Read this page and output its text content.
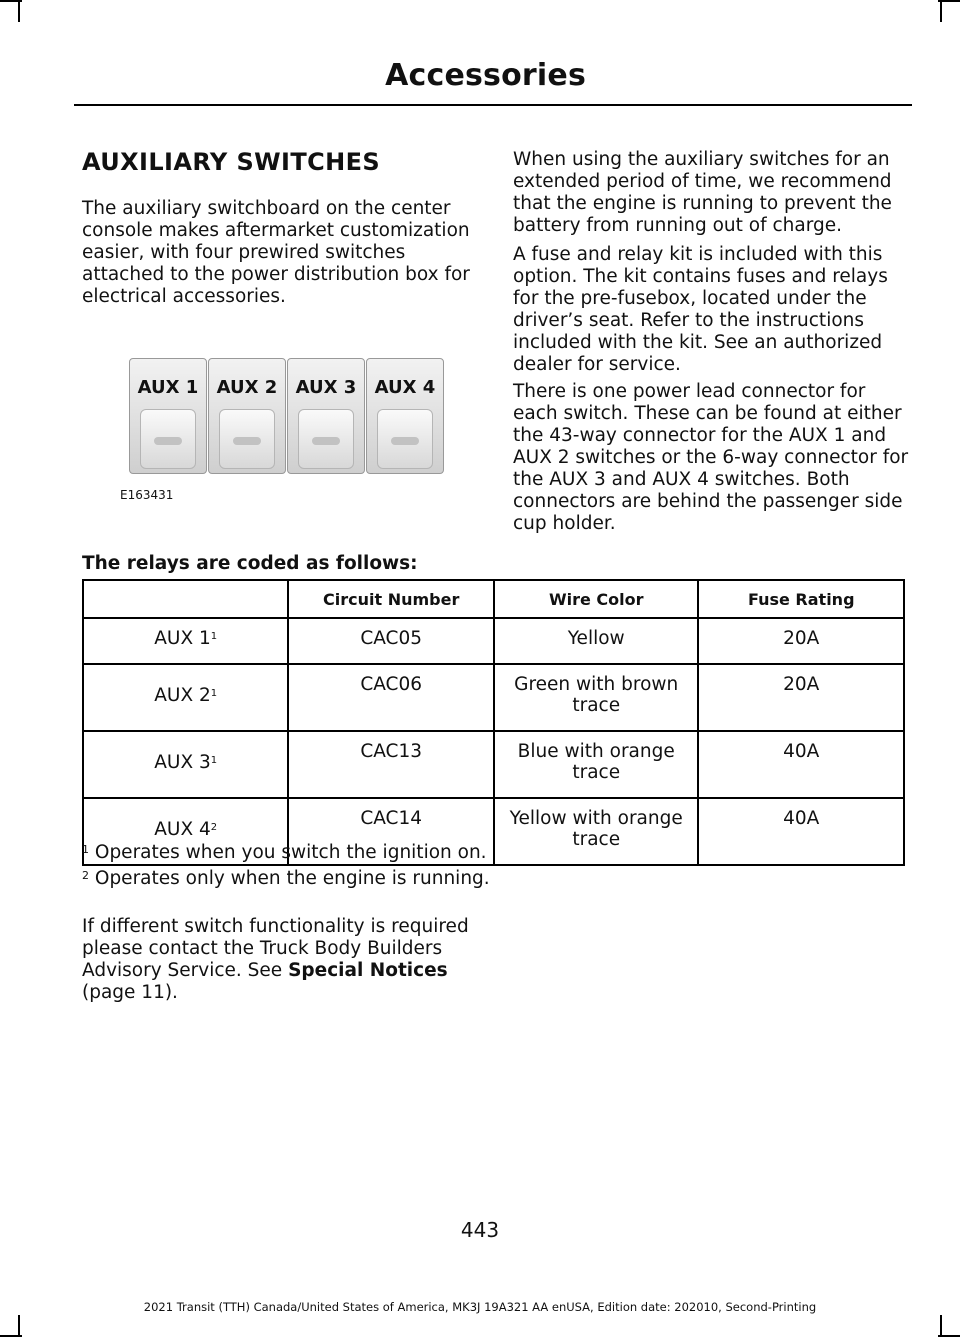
Accessories
AUXILIARY SWITCHES
The auxiliary switchboard on the center console makes aftermarket customization easier, with four prewired switches attached to the power distribution box for electrical accessories.
AUX 1	AUX 2	AUX 3	AUX 4
E163431
When using the auxiliary switches for an extended period of time, we recommend that the engine is running to prevent the battery from running out of charge.
A fuse and relay kit is included with this option. The kit contains fuses and relays for the pre-fusebox, located under the driver’s seat. Refer to the instructions included with the kit. See an authorized dealer for service.
There is one power lead connector for each switch. These can be found at either the 43-way connector for the AUX 1 and AUX 2 switches or the 6-way connector for the AUX 3 and AUX 4 switches. Both connectors are behind the passenger side cup holder.
The relays are coded as follows:
	Circuit Number	Wire Color	Fuse Rating
AUX $1^1$	CAC05	Yellow	20A
AUX $2^1$	CAC06	Green with brown trace	20A
AUX $3^1$	CAC13	Blue with orange trace	40A
AUX $4^2$	CAC14	Yellow with orange trace	40A
$^1$ Operates when you switch the ignition on.
$^2$ Operates only when the engine is running.
If different switch functionality is required please contact the Truck Body Builders Advisory Service. See Special Notices (page 11).
443
2021 Transit (TTH) Canada/United States of America, MK3J 19A321 AA enUSA, Edition date: 202010, Second-Printing
